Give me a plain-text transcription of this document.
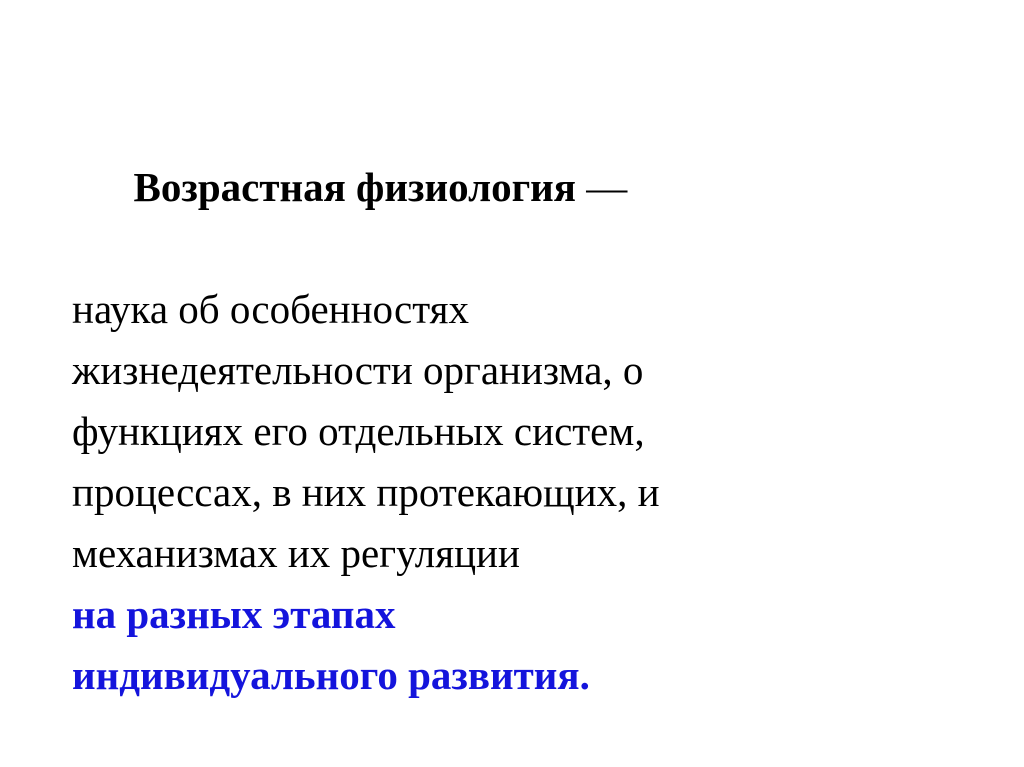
Возрастная физиология —

наука об особенностях
жизнедеятельности организма, о
функциях его отдельных систем,
процессах, в них протекающих, и
механизмах их регуляции
на разных этапах
индивидуального развития.
